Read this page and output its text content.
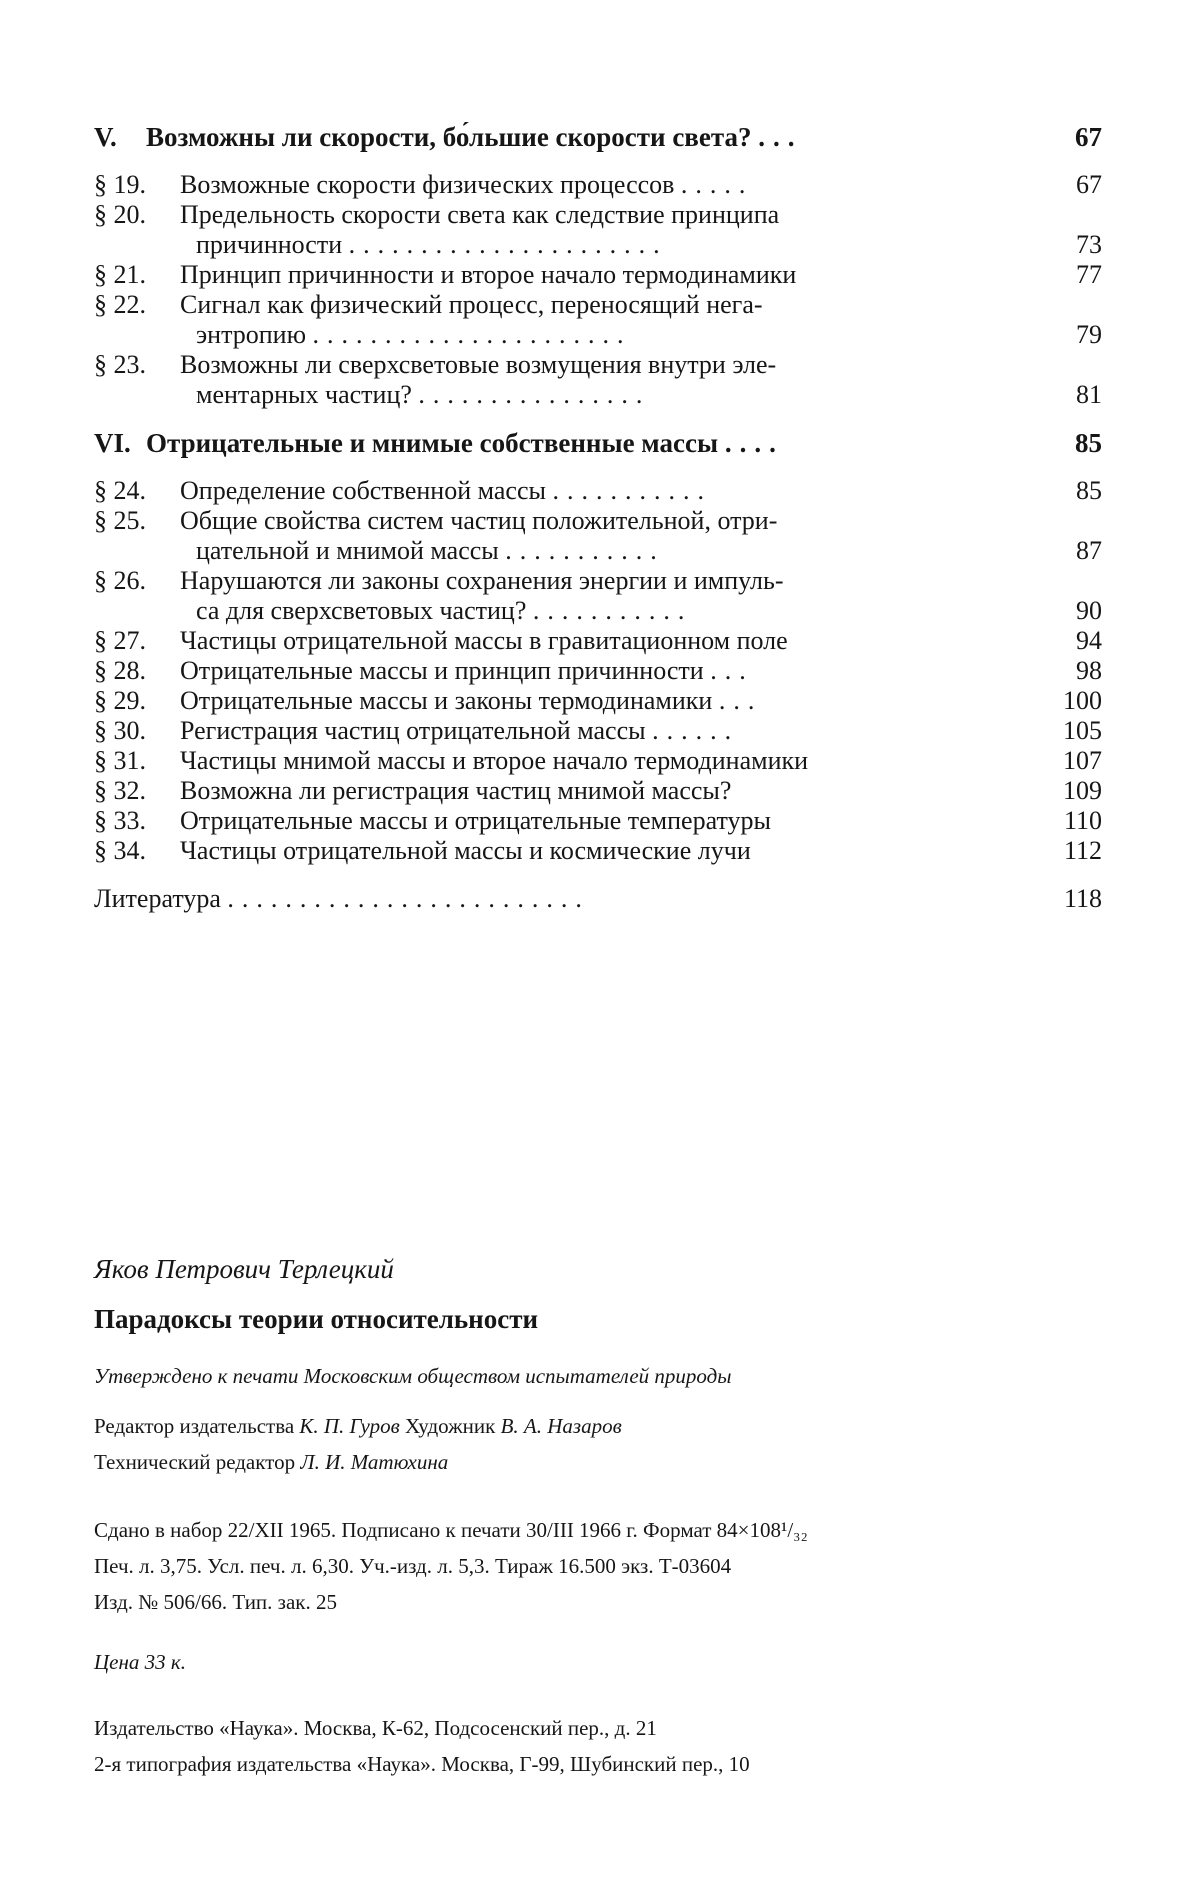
V. Возможны ли скорости, бо́льшие скорости света? ...	67
§ 19. Возможные скорости физических процессов .....	67
§ 20. Предельность скорости света как следствие принципа
причинности ......................	73
§ 21. Принцип причинности и второе начало термодинамики	77
§ 22. Сигнал как физический процесс, переносящий нега-
энтропию ......................	79
§ 23. Возможны ли сверхсветовые возмущения внутри эле-
ментарных частиц? ................	81
VI. Отрицательные и мнимые собственные массы ....	85
§ 24. Определение собственной массы ...........	85
§ 25. Общие свойства систем частиц положительной, отри-
цательной и мнимой массы ...........	87
§ 26. Нарушаются ли законы сохранения энергии и импуль-
са для сверхсветовых частиц? ...........	90
§ 27. Частицы отрицательной массы в гравитационном поле	94
§ 28. Отрицательные массы и принцип причинности ...	98
§ 29. Отрицательные массы и законы термодинамики ...	100
§ 30. Регистрация частиц отрицательной массы ......	105
§ 31. Частицы мнимой массы и второе начало термодинамики	107
§ 32. Возможна ли регистрация частиц мнимой массы?	109
§ 33. Отрицательные массы и отрицательные температуры	110
§ 34. Частицы отрицательной массы и космические лучи	112
Литература .........................	118
Яков Петрович Терлецкий
Парадоксы теории относительности
Утверждено к печати Московским обществом испытателей природы
Редактор издательства К. П. Гуров Художник В. А. Назаров
Технический редактор Л. И. Матюхина
Сдано в набор 22/XII 1965. Подписано к печати 30/III 1966 г. Формат 84×108¹/₃₂
Печ. л. 3,75. Усл. печ. л. 6,30. Уч.-изд. л. 5,3. Тираж 16.500 экз. Т-03604
Изд. № 506/66. Тип. зак. 25
Цена 33 к.
Издательство «Наука». Москва, К-62, Подсосенский пер., д. 21
2-я типография издательства «Наука». Москва, Г-99, Шубинский пер., 10
